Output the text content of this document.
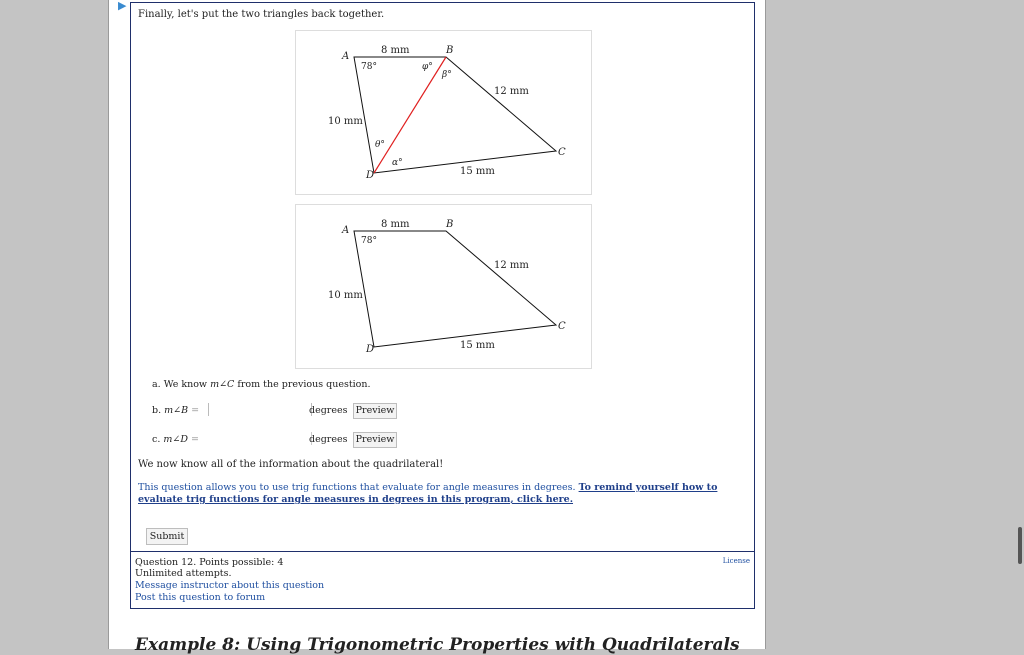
▶
Finally, let's put the two triangles back together.
A
B
C
D
8 mm
12 mm
10 mm
15 mm
78°	φ°
β°
θ°
α°
A
B
C
D
8 mm
12 mm
10 mm
15 mm
78°
a. We know m∠C from the previous question.
b. m∠B =	degrees Preview
c. m∠D =	degrees Preview
We now know all of the information about the quadrilateral!
This question allows you to use trig functions that evaluate for angle measures in degrees. To remind yourself how to evaluate trig functions for angle measures in degrees in this program, click here.
Submit
Question 12. Points possible: 4
Unlimited attempts.
Message instructor about this question
Post this question to forum
License
Example 8: Using Trigonometric Properties with Quadrilaterals
